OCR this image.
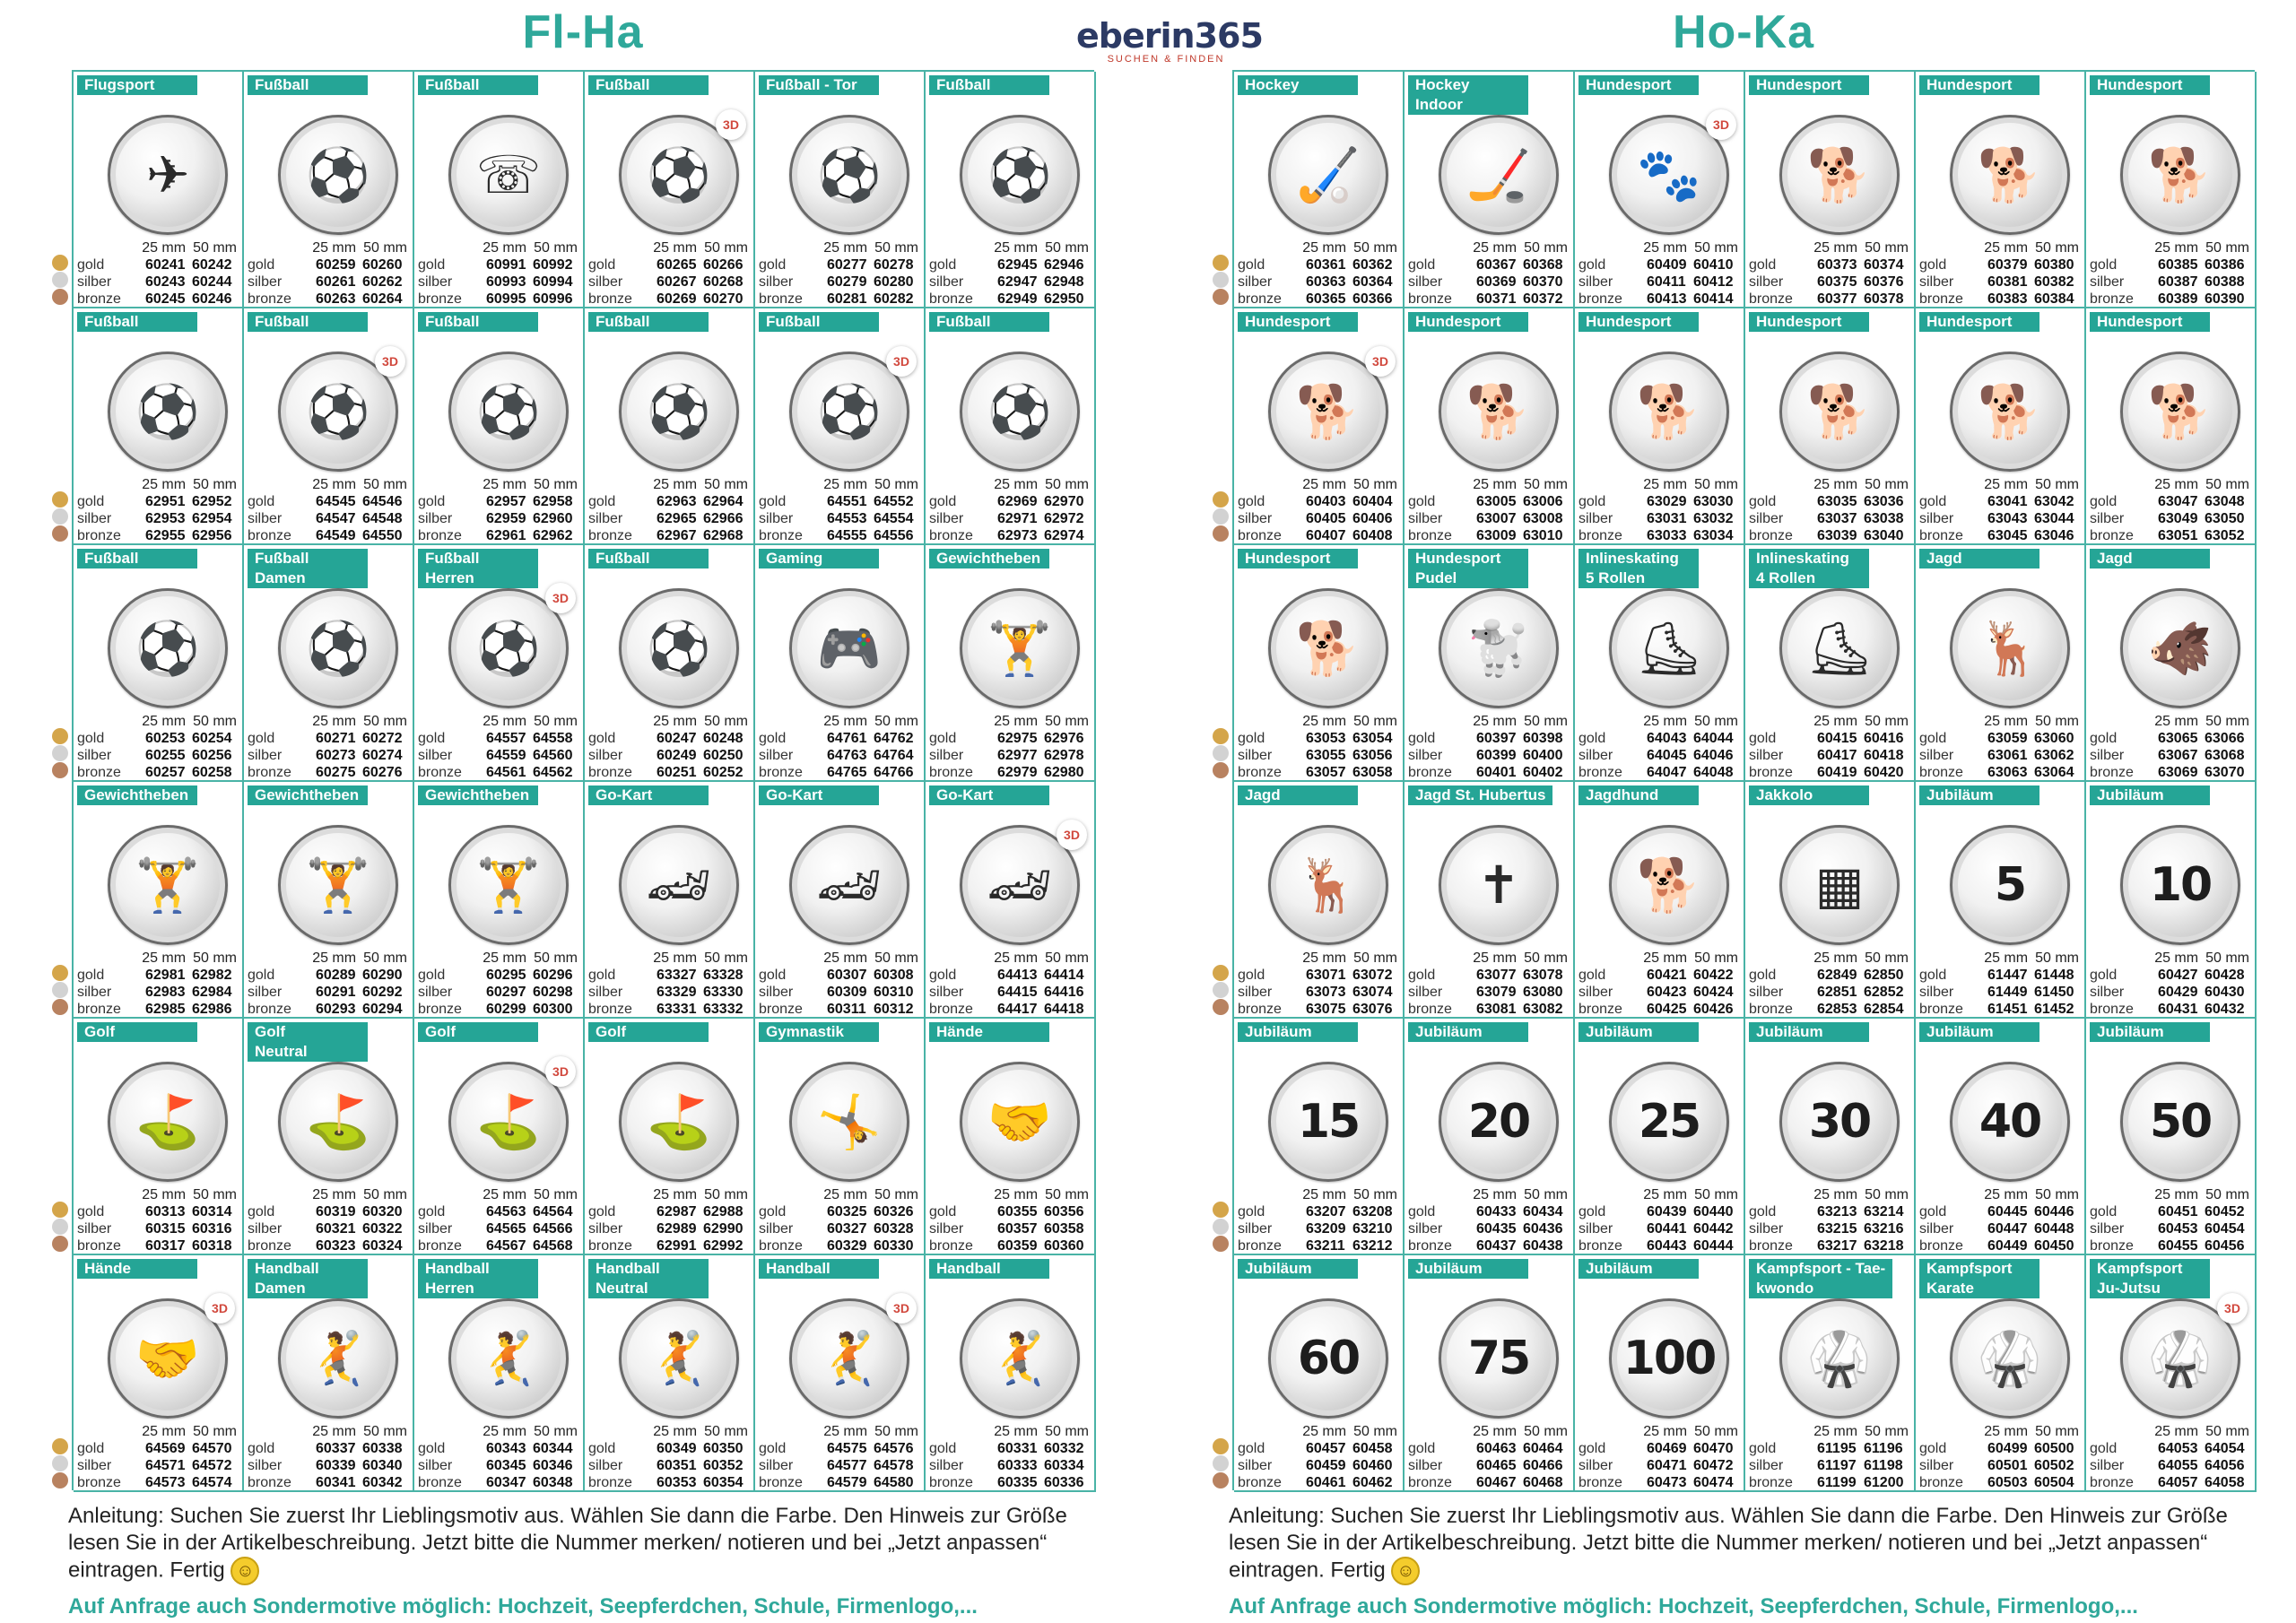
Fl-Ha
Flugsport
✈
25 mm 50 mm
gold	60241 60242
silber	60243 60244
bronze	60245 60246
Fußball
⚽
25 mm 50 mm
gold	60259 60260
silber	60261 60262
bronze	60263 60264
Fußball
☏
25 mm 50 mm
gold	60991 60992
silber	60993 60994
bronze	60995 60996
Fußball
⚽
3D
25 mm 50 mm
gold	60265 60266
silber	60267 60268
bronze	60269 60270
Fußball - Tor
⚽
25 mm 50 mm
gold	60277 60278
silber	60279 60280
bronze	60281 60282
Fußball
⚽
25 mm 50 mm
gold	62945 62946
silber	62947 62948
bronze	62949 62950
Fußball
⚽
25 mm 50 mm
gold	62951 62952
silber	62953 62954
bronze	62955 62956
Fußball
⚽
3D
25 mm 50 mm
gold	64545 64546
silber	64547 64548
bronze	64549 64550
Fußball
⚽
25 mm 50 mm
gold	62957 62958
silber	62959 62960
bronze	62961 62962
Fußball
⚽
25 mm 50 mm
gold	62963 62964
silber	62965 62966
bronze	62967 62968
Fußball
⚽
3D
25 mm 50 mm
gold	64551 64552
silber	64553 64554
bronze	64555 64556
Fußball
⚽
25 mm 50 mm
gold	62969 62970
silber	62971 62972
bronze	62973 62974
Fußball
⚽
25 mm 50 mm
gold	60253 60254
silber	60255 60256
bronze	60257 60258
Fußball
Damen
⚽
25 mm 50 mm
gold	60271 60272
silber	60273 60274
bronze	60275 60276
Fußball
Herren
⚽
3D
25 mm 50 mm
gold	64557 64558
silber	64559 64560
bronze	64561 64562
Fußball
⚽
25 mm 50 mm
gold	60247 60248
silber	60249 60250
bronze	60251 60252
Gaming
🎮
25 mm 50 mm
gold	64761 64762
silber	64763 64764
bronze	64765 64766
Gewichtheben
🏋
25 mm 50 mm
gold	62975 62976
silber	62977 62978
bronze	62979 62980
Gewichtheben
🏋
25 mm 50 mm
gold	62981 62982
silber	62983 62984
bronze	62985 62986
Gewichtheben
🏋
25 mm 50 mm
gold	60289 60290
silber	60291 60292
bronze	60293 60294
Gewichtheben
🏋
25 mm 50 mm
gold	60295 60296
silber	60297 60298
bronze	60299 60300
Go-Kart
🏎
25 mm 50 mm
gold	63327 63328
silber	63329 63330
bronze	63331 63332
Go-Kart
🏎
25 mm 50 mm
gold	60307 60308
silber	60309 60310
bronze	60311 60312
Go-Kart
🏎
3D
25 mm 50 mm
gold	64413 64414
silber	64415 64416
bronze	64417 64418
Golf
⛳
25 mm 50 mm
gold	60313 60314
silber	60315 60316
bronze	60317 60318
Golf
Neutral
⛳
25 mm 50 mm
gold	60319 60320
silber	60321 60322
bronze	60323 60324
Golf
⛳
3D
25 mm 50 mm
gold	64563 64564
silber	64565 64566
bronze	64567 64568
Golf
⛳
25 mm 50 mm
gold	62987 62988
silber	62989 62990
bronze	62991 62992
Gymnastik
🤸
25 mm 50 mm
gold	60325 60326
silber	60327 60328
bronze	60329 60330
Hände
🤝
25 mm 50 mm
gold	60355 60356
silber	60357 60358
bronze	60359 60360
Hände
🤝
3D
25 mm 50 mm
gold	64569 64570
silber	64571 64572
bronze	64573 64574
Handball
Damen
🤾
25 mm 50 mm
gold	60337 60338
silber	60339 60340
bronze	60341 60342
Handball
Herren
🤾
25 mm 50 mm
gold	60343 60344
silber	60345 60346
bronze	60347 60348
Handball
Neutral
🤾
25 mm 50 mm
gold	60349 60350
silber	60351 60352
bronze	60353 60354
Handball
🤾
3D
25 mm 50 mm
gold	64575 64576
silber	64577 64578
bronze	64579 64580
Handball
🤾
25 mm 50 mm
gold	60331 60332
silber	60333 60334
bronze	60335 60336
Anleitung: Suchen Sie zuerst Ihr Lieblingsmotiv aus. Wählen Sie dann die Farbe. Den Hinweis zur Größe lesen Sie in der Artikelbeschreibung. Jetzt bitte die Nummer merken/ notieren und bei „Jetzt anpassen“ eintragen. Fertig ☺
Auf Anfrage auch Sondermotive möglich: Hochzeit, Seepferdchen, Schule, Firmenlogo,...
eberin365
SUCHEN & FINDEN
Ho-Ka
Hockey
🏑
25 mm 50 mm
gold	60361 60362
silber	60363 60364
bronze	60365 60366
Hockey
Indoor
🏒
25 mm 50 mm
gold	60367 60368
silber	60369 60370
bronze	60371 60372
Hundesport
🐾
3D
25 mm 50 mm
gold	60409 60410
silber	60411 60412
bronze	60413 60414
Hundesport
🐕
25 mm 50 mm
gold	60373 60374
silber	60375 60376
bronze	60377 60378
Hundesport
🐕
25 mm 50 mm
gold	60379 60380
silber	60381 60382
bronze	60383 60384
Hundesport
🐕
25 mm 50 mm
gold	60385 60386
silber	60387 60388
bronze	60389 60390
Hundesport
🐕
3D
25 mm 50 mm
gold	60403 60404
silber	60405 60406
bronze	60407 60408
Hundesport
🐕
25 mm 50 mm
gold	63005 63006
silber	63007 63008
bronze	63009 63010
Hundesport
🐕
25 mm 50 mm
gold	63029 63030
silber	63031 63032
bronze	63033 63034
Hundesport
🐕
25 mm 50 mm
gold	63035 63036
silber	63037 63038
bronze	63039 63040
Hundesport
🐕
25 mm 50 mm
gold	63041 63042
silber	63043 63044
bronze	63045 63046
Hundesport
🐕
25 mm 50 mm
gold	63047 63048
silber	63049 63050
bronze	63051 63052
Hundesport
🐕
25 mm 50 mm
gold	63053 63054
silber	63055 63056
bronze	63057 63058
Hundesport
Pudel
🐩
25 mm 50 mm
gold	60397 60398
silber	60399 60400
bronze	60401 60402
Inlineskating
5 Rollen
⛸
25 mm 50 mm
gold	64043 64044
silber	64045 64046
bronze	64047 64048
Inlineskating
4 Rollen
⛸
25 mm 50 mm
gold	60415 60416
silber	60417 60418
bronze	60419 60420
Jagd
🦌
25 mm 50 mm
gold	63059 63060
silber	63061 63062
bronze	63063 63064
Jagd
🐗
25 mm 50 mm
gold	63065 63066
silber	63067 63068
bronze	63069 63070
Jagd
🦌
25 mm 50 mm
gold	63071 63072
silber	63073 63074
bronze	63075 63076
Jagd St. Hubertus
✝
25 mm 50 mm
gold	63077 63078
silber	63079 63080
bronze	63081 63082
Jagdhund
🐕
25 mm 50 mm
gold	60421 60422
silber	60423 60424
bronze	60425 60426
Jakkolo
▦
25 mm 50 mm
gold	62849 62850
silber	62851 62852
bronze	62853 62854
Jubiläum
5
25 mm 50 mm
gold	61447 61448
silber	61449 61450
bronze	61451 61452
Jubiläum
10
25 mm 50 mm
gold	60427 60428
silber	60429 60430
bronze	60431 60432
Jubiläum
15
25 mm 50 mm
gold	63207 63208
silber	63209 63210
bronze	63211 63212
Jubiläum
20
25 mm 50 mm
gold	60433 60434
silber	60435 60436
bronze	60437 60438
Jubiläum
25
25 mm 50 mm
gold	60439 60440
silber	60441 60442
bronze	60443 60444
Jubiläum
30
25 mm 50 mm
gold	63213 63214
silber	63215 63216
bronze	63217 63218
Jubiläum
40
25 mm 50 mm
gold	60445 60446
silber	60447 60448
bronze	60449 60450
Jubiläum
50
25 mm 50 mm
gold	60451 60452
silber	60453 60454
bronze	60455 60456
Jubiläum
60
25 mm 50 mm
gold	60457 60458
silber	60459 60460
bronze	60461 60462
Jubiläum
75
25 mm 50 mm
gold	60463 60464
silber	60465 60466
bronze	60467 60468
Jubiläum
100
25 mm 50 mm
gold	60469 60470
silber	60471 60472
bronze	60473 60474
Kampfsport - Tae-
kwondo
🥋
25 mm 50 mm
gold	61195 61196
silber	61197 61198
bronze	61199 61200
Kampfsport
Karate
🥋
25 mm 50 mm
gold	60499 60500
silber	60501 60502
bronze	60503 60504
Kampfsport
Ju-Jutsu
🥋
3D
25 mm 50 mm
gold	64053 64054
silber	64055 64056
bronze	64057 64058
Anleitung: Suchen Sie zuerst Ihr Lieblingsmotiv aus. Wählen Sie dann die Farbe. Den Hinweis zur Größe lesen Sie in der Artikelbeschreibung. Jetzt bitte die Nummer merken/ notieren und bei „Jetzt anpassen“ eintragen. Fertig ☺
Auf Anfrage auch Sondermotive möglich: Hochzeit, Seepferdchen, Schule, Firmenlogo,...
